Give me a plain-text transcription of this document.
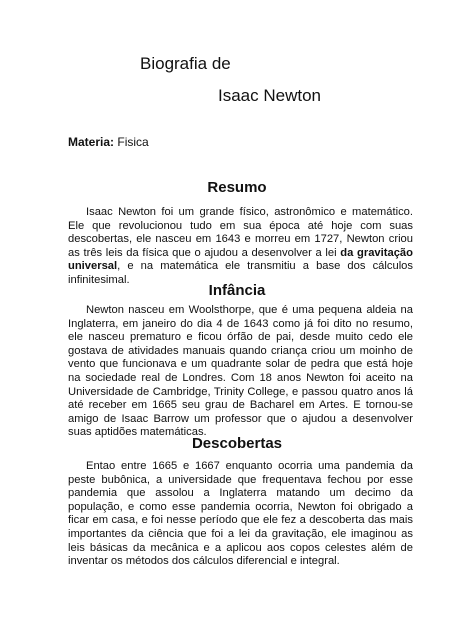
Biografia de
Isaac Newton
Materia: Fisica
Resumo
Isaac Newton foi um grande físico, astronômico e matemático. Ele que revolucionou tudo em sua época até hoje com suas descobertas, ele nasceu em 1643 e morreu em 1727, Newton criou as três leis da física que o ajudou a desenvolver a lei da gravitação universal, e na matemática ele transmitiu a base dos cálculos infinitesimal.
Infância
Newton nasceu em Woolsthorpe, que é uma pequena aldeia na Inglaterra, em janeiro do dia 4 de 1643 como já foi dito no resumo, ele nasceu prematuro e ficou órfão de pai, desde muito cedo ele gostava de atividades manuais quando criança criou um moinho de vento que funcionava e um quadrante solar de pedra que está hoje na sociedade real de Londres. Com 18 anos Newton foi aceito na Universidade de Cambridge, Trinity College, e passou quatro anos lá até receber em 1665 seu grau de Bacharel em Artes. E tornou-se amigo de Isaac Barrow um professor que o ajudou a desenvolver suas aptidões matemáticas.
Descobertas
Entao entre 1665 e 1667 enquanto ocorria uma pandemia da peste bubônica, a universidade que frequentava fechou por esse pandemia que assolou a Inglaterra matando um decimo da população, e como esse pandemia ocorria, Newton foi obrigado a ficar em casa, e foi nesse período que ele fez a descoberta das mais importantes da ciência que foi a lei da gravitação, ele imaginou as leis básicas da mecânica e a aplicou aos copos celestes além de inventar os métodos dos cálculos diferencial e integral.
